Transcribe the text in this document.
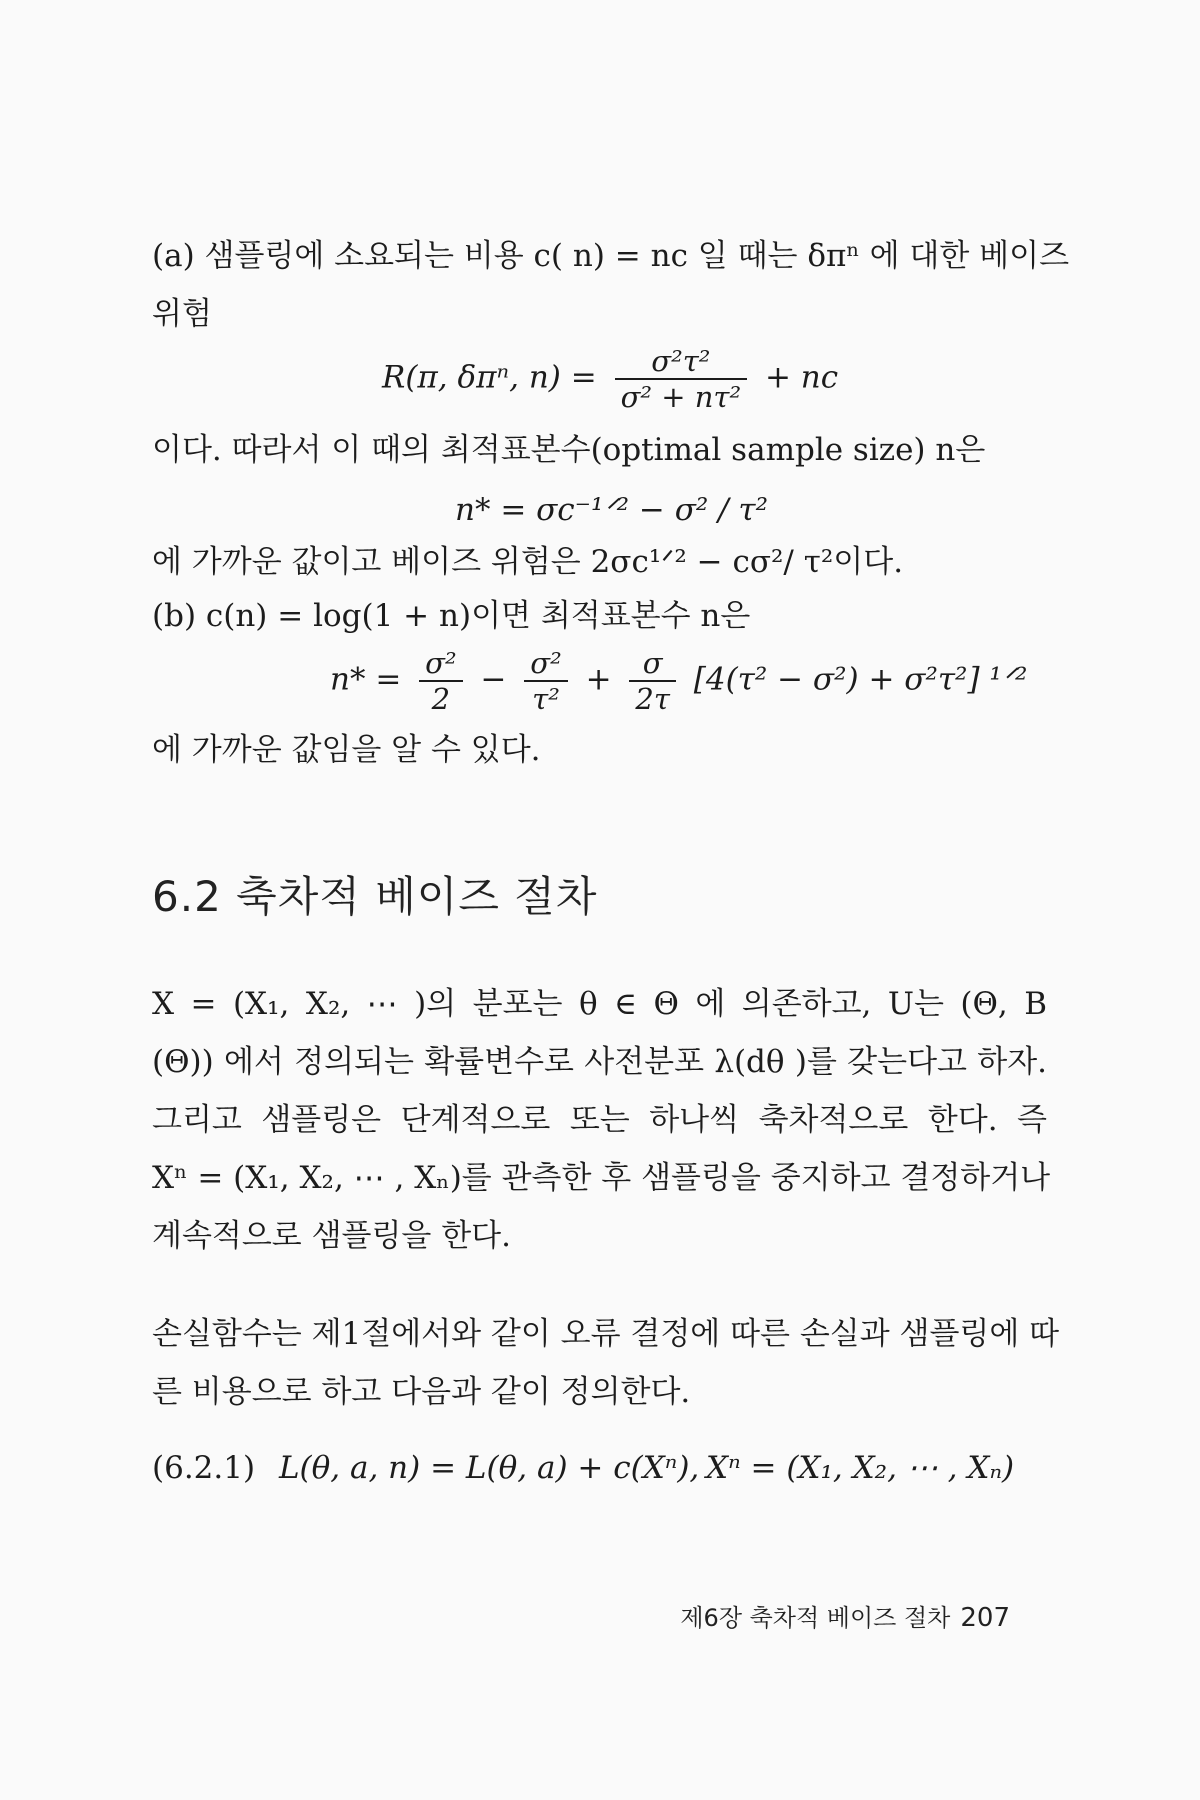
(a) 샘플링에 소요되는 비용 c( n) = nc 일 때는 δπⁿ 에 대한 베이즈
위험
R(π, δπⁿ, $n) = \frac{\text{σ²τ²}}{\text{σ² + nτ²}}$ + nc
이다. 따라서 이 때의 최적표본수(optimal sample size) n은
n* = σc⁻¹ᐟ² − σ² / τ²
에 가까운 값이고 베이즈 위험은 2σc¹ᐟ² − cσ²/ τ²이다.
(b) c(n) = log(1 + n)이면 최적표본수 n은
$n* = \frac{\text{σ²}}{2} - \frac{\text{σ²}}{\text{τ²}} + \frac{\sigma}{2\tau} [4(\tau^2 - \sigma^2) + \sigma^2\tau^2]$ ¹ᐟ²
에 가까운 값임을 알 수 있다.
6.2 축차적 베이즈 절차
X = (X₁, X₂, ⋯ )의 분포는 θ ∈ Θ 에 의존하고, U는 (Θ, B
(Θ)) 에서 정의되는 확률변수로 사전분포 λ(dθ )를 갖는다고 하자.
그리고 샘플링은 단계적으로 또는 하나씩 축차적으로 한다. 즉
Xⁿ = (X₁, X₂, ⋯ , Xₙ)를 관측한 후 샘플링을 중지하고 결정하거나
계속적으로 샘플링을 한다.
손실함수는 제1절에서와 같이 오류 결정에 따른 손실과 샘플링에 따
른 비용으로 하고 다음과 같이 정의한다.
(6.2.1) L(θ, a, n) = L(θ, a) + c(Xⁿ), Xⁿ = (X₁, X₂, ⋯ , Xₙ)
제6장 축차적 베이즈 절차 207
